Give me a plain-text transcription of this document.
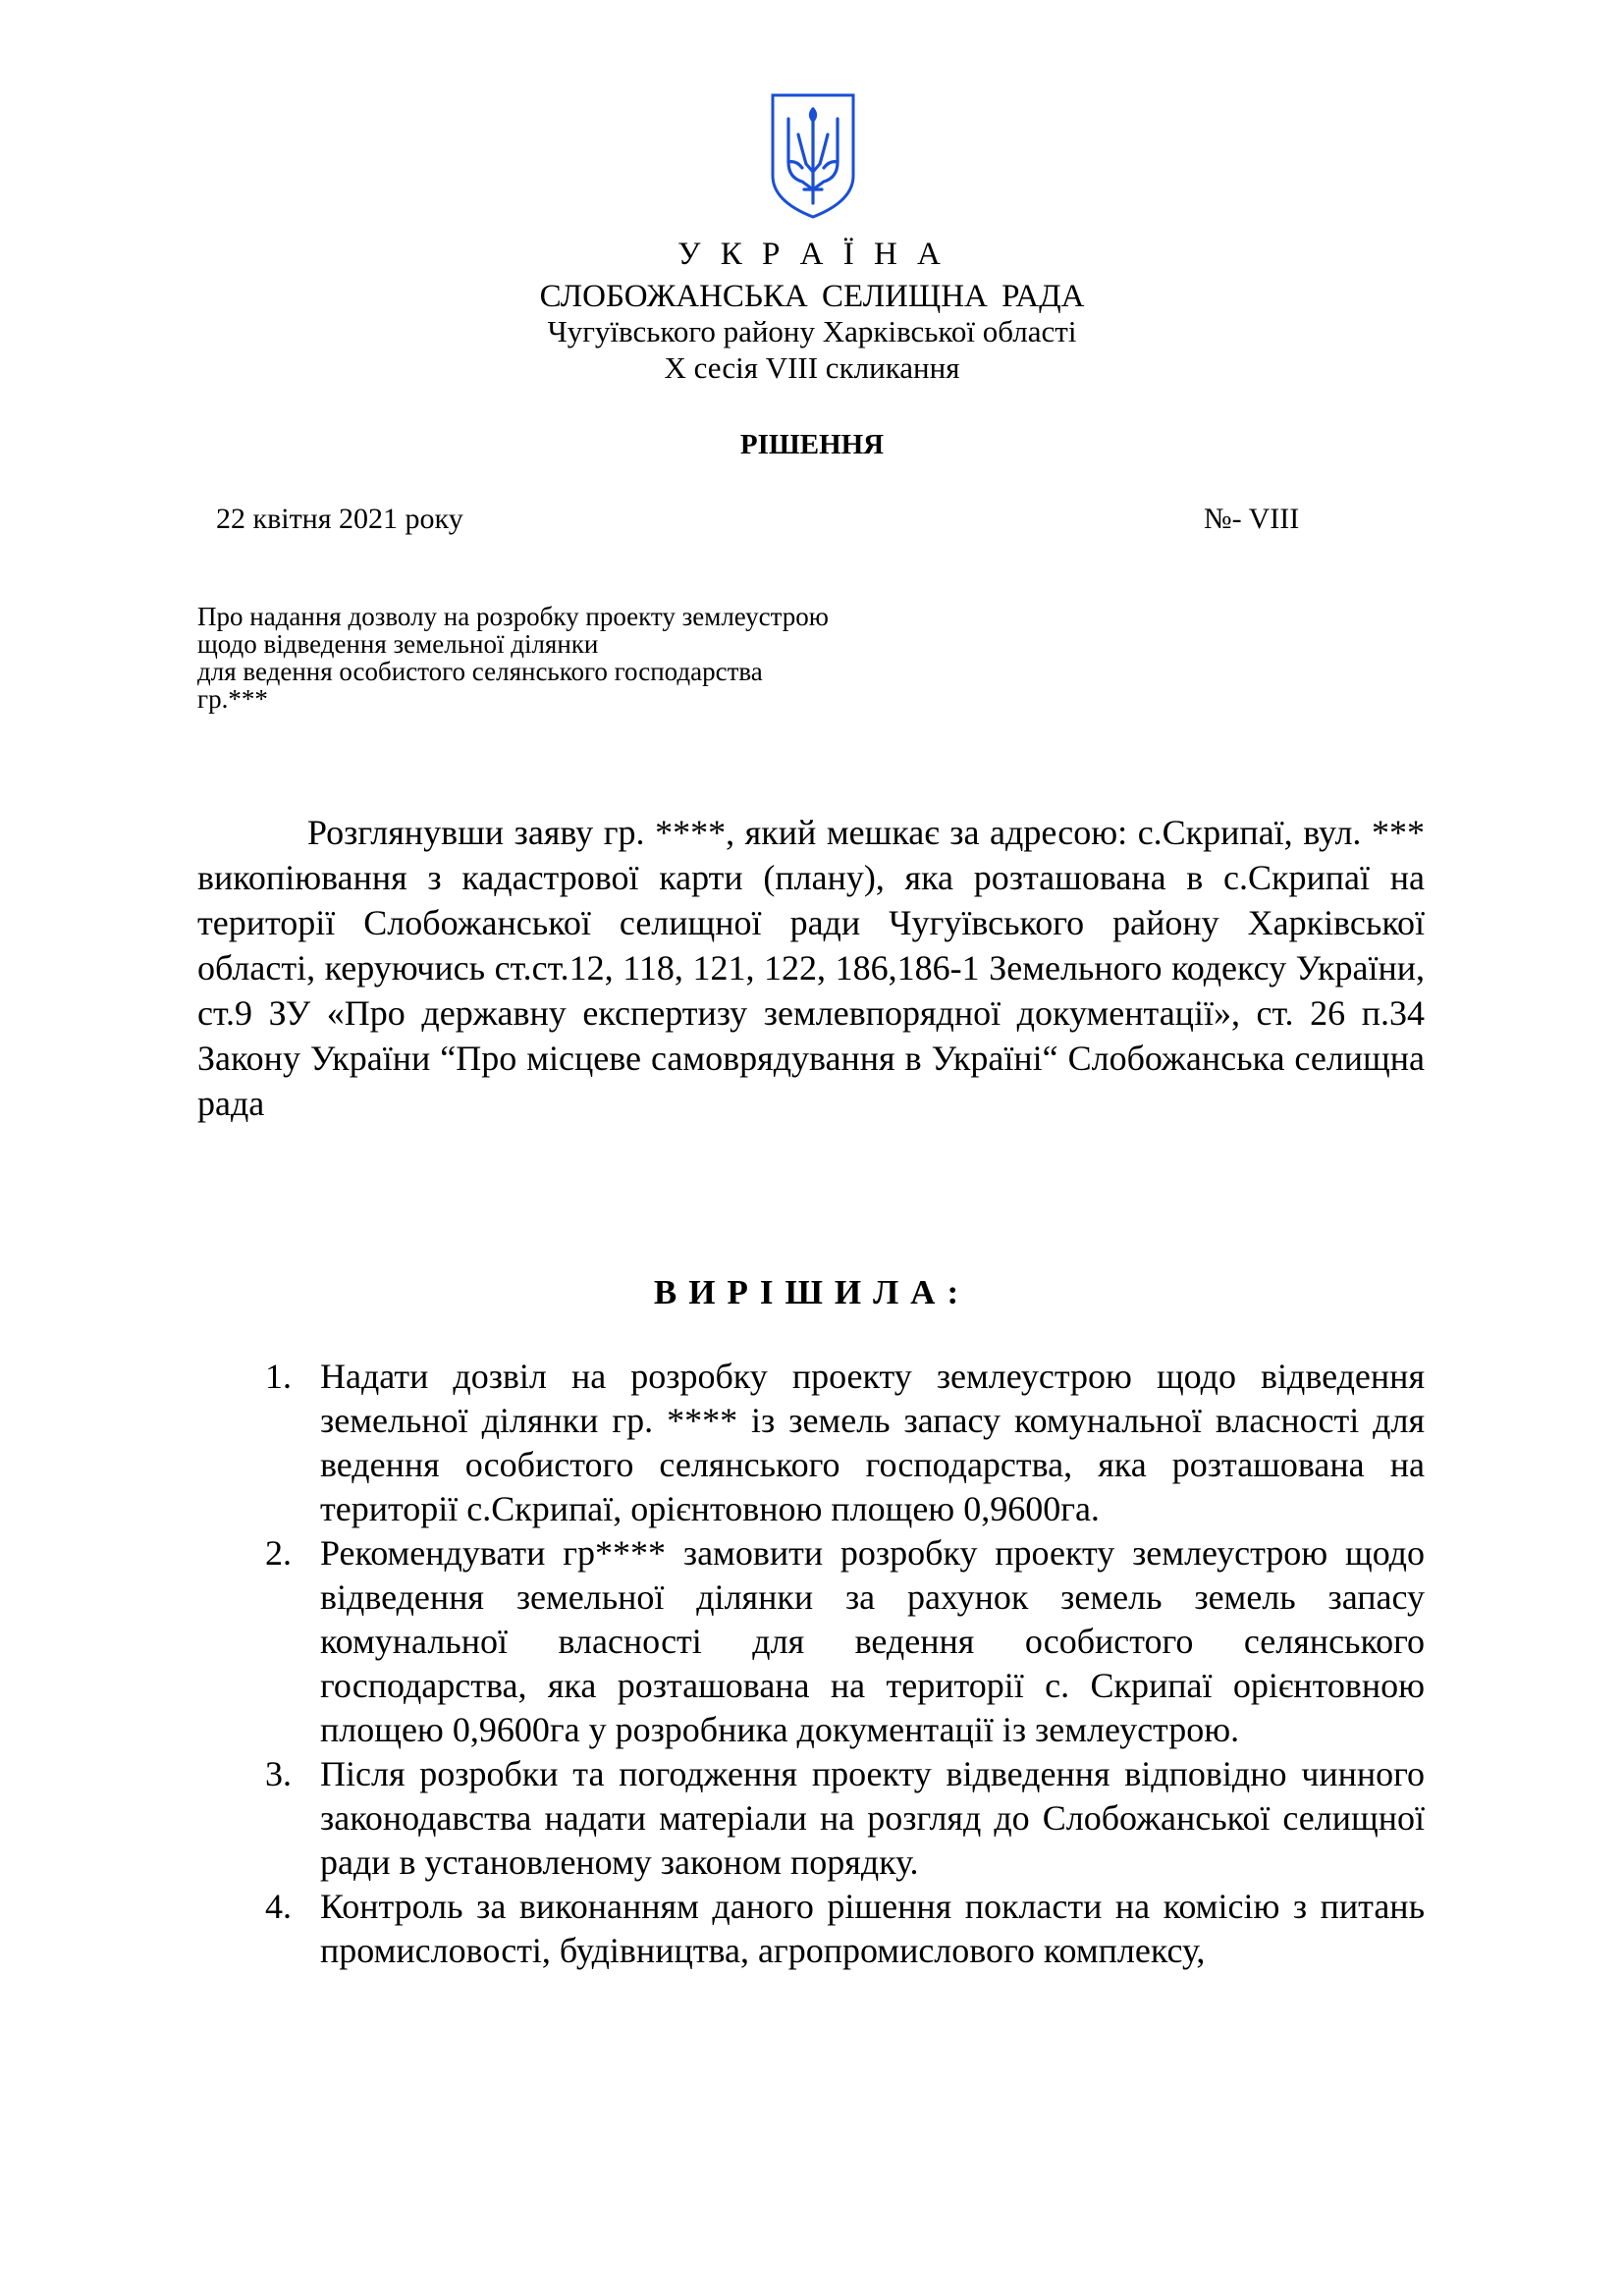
У К Р А Ї Н А
СЛОБОЖАНСЬКА СЕЛИЩНА РАДА
Чугуївського району Харківської області
Х сесія VIII скликання
РІШЕННЯ
22 квітня 2021 року	№- VIII
Про надання дозволу на розробку проекту землеустрою
щодо відведення земельної ділянки
для ведення особистого селянського господарства
гр.***
Розглянувши заяву гр. ****, який мешкає за адресою: с.Скрипаї, вул. *** викопіювання з кадастрової карти (плану), яка розташована в с.Скрипаї на території Слобожанської селищної ради Чугуївського району Харківської області, керуючись ст.ст.12, 118, 121, 122, 186,186-1 Земельного кодексу України, ст.9 ЗУ «Про державну експертизу землевпорядної документації», ст. 26 п.34 Закону України “Про місцеве самоврядування в Україні“ Слобожанська селищна рада
ВИРІШИЛА:
1. Надати дозвіл на розробку проекту землеустрою щодо відведення земельної ділянки гр. **** із земель запасу комунальної власності для ведення особистого селянського господарства, яка розташована на території с.Скрипаї, орієнтовною площею 0,9600га.
2. Рекомендувати гр**** замовити розробку проекту землеустрою щодо відведення земельної ділянки за рахунок земель земель запасу комунальної власності для ведення особистого селянського господарства, яка розташована на території с. Скрипаї орієнтовною площею 0,9600га у розробника документації із землеустрою.
3. Після розробки та погодження проекту відведення відповідно чинного законодавства надати матеріали на розгляд до Слобожанської селищної ради в установленому законом порядку.
4. Контроль за виконанням даного рішення покласти на комісію з питань промисловості, будівництва, агропромислового комплексу,
